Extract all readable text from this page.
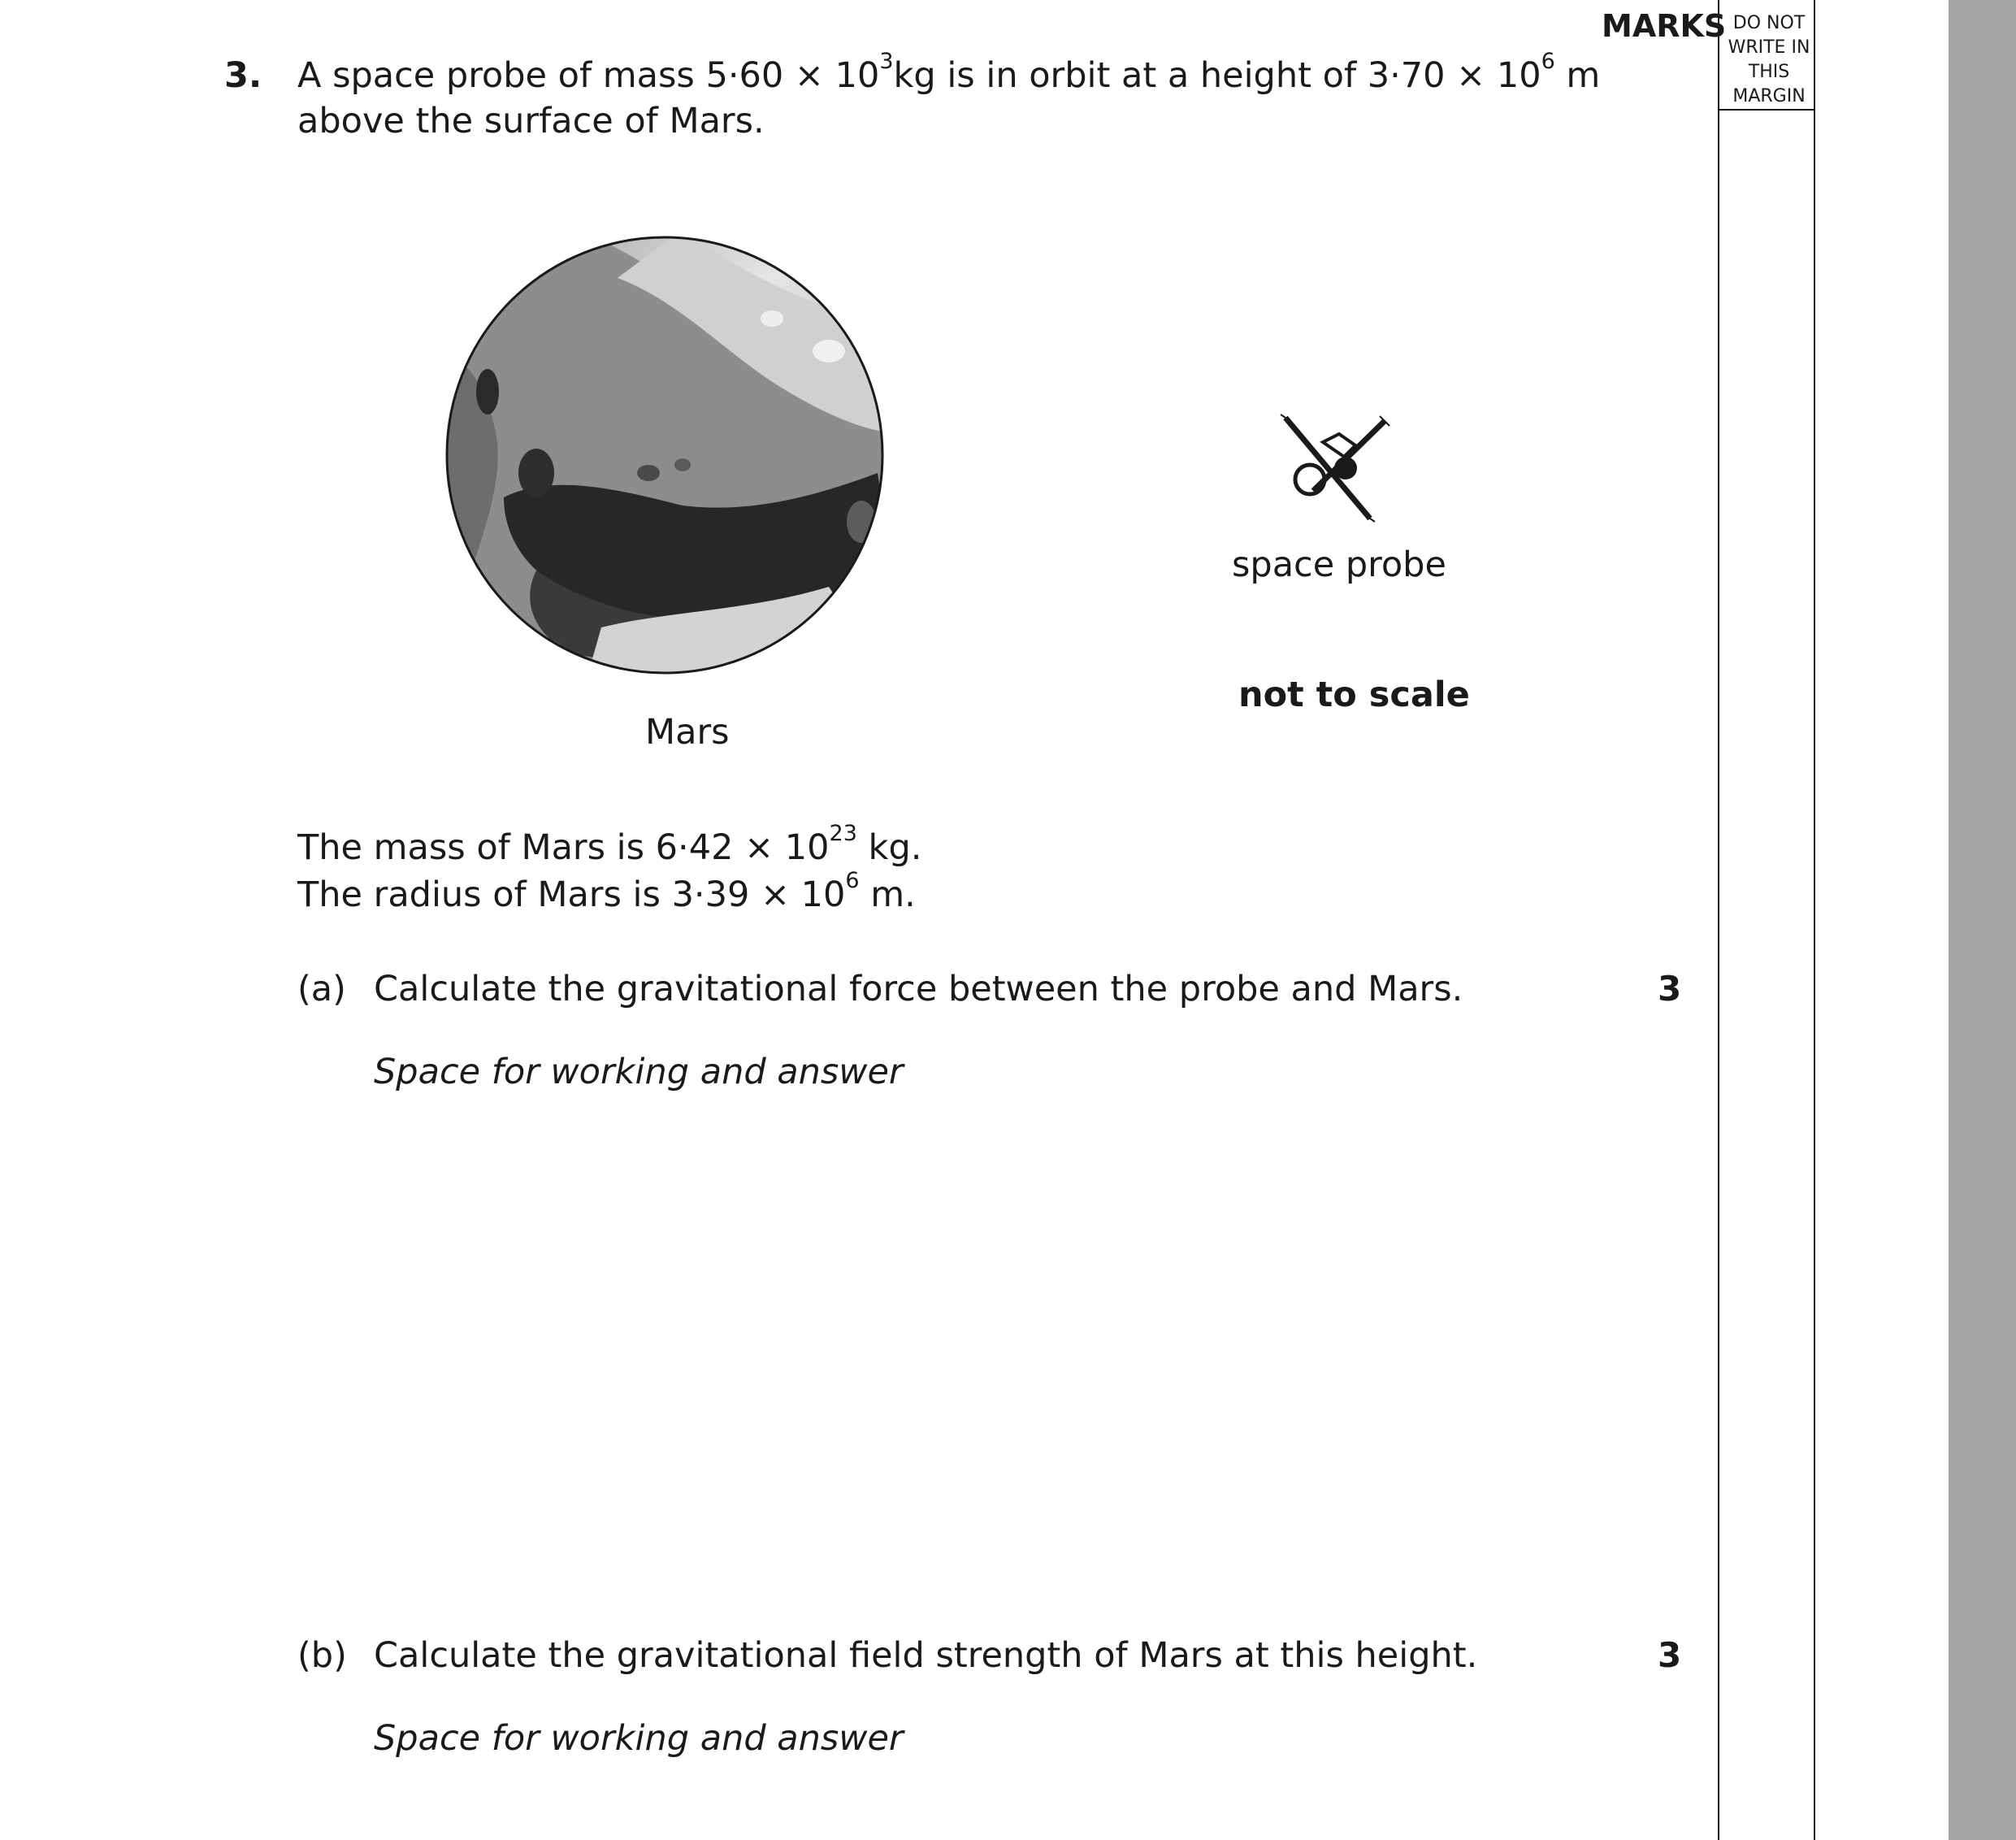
MARKS DO NOT WRITE IN THIS MARGIN
3. A space probe of mass $5\cdot 60 \times 10^3$ kg is in orbit at a height of $3\cdot 70 \times 10^6$ m
above the surface of Mars.
Mars
space probe
not to scale
The mass of Mars is $6\cdot 42 \times 10^{23}$ kg.
The radius of Mars is $3\cdot 39 \times 10^6$ m.
(a) Calculate the gravitational force between the probe and Mars.	3
Space for working and answer
(b) Calculate the gravitational field strength of Mars at this height.	3
Space for working and answer
